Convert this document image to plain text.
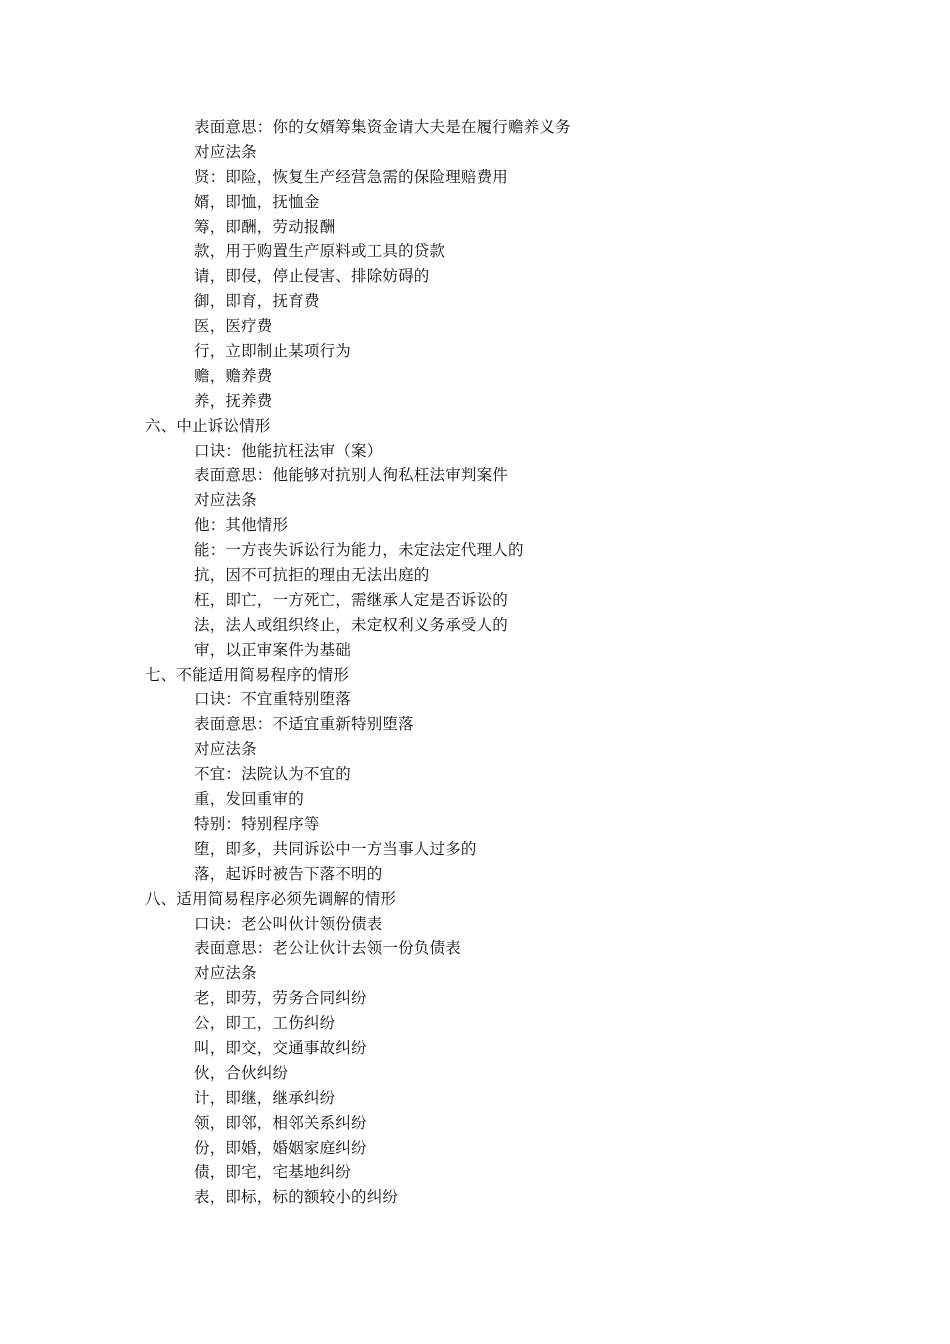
表面意思：你的女婿筹集资金请大夫是在履行赡养义务
对应法条
贤：即险，恢复生产经营急需的保险理赔费用
婿，即恤，抚恤金
筹，即酬，劳动报酬
款，用于购置生产原料或工具的贷款
请，即侵，停止侵害、排除妨碍的
御，即育，抚育费
医，医疗费
行，立即制止某项行为
赡，赡养费
养，抚养费
六、中止诉讼情形
口诀：他能抗枉法审（案）
表面意思：他能够对抗别人徇私枉法审判案件
对应法条
他：其他情形
能：一方丧失诉讼行为能力，未定法定代理人的
抗，因不可抗拒的理由无法出庭的
枉，即亡，一方死亡，需继承人定是否诉讼的
法，法人或组织终止，未定权利义务承受人的
审，以正审案件为基础
七、不能适用简易程序的情形
口诀：不宜重特别堕落
表面意思：不适宜重新特别堕落
对应法条
不宜：法院认为不宜的
重，发回重审的
特别：特别程序等
堕，即多，共同诉讼中一方当事人过多的
落，起诉时被告下落不明的
八、适用简易程序必须先调解的情形
口诀：老公叫伙计领份债表
表面意思：老公让伙计去领一份负债表
对应法条
老，即劳，劳务合同纠纷
公，即工，工伤纠纷
叫，即交，交通事故纠纷
伙，合伙纠纷
计，即继，继承纠纷
领，即邻，相邻关系纠纷
份，即婚，婚姻家庭纠纷
债，即宅，宅基地纠纷
表，即标，标的额较小的纠纷
